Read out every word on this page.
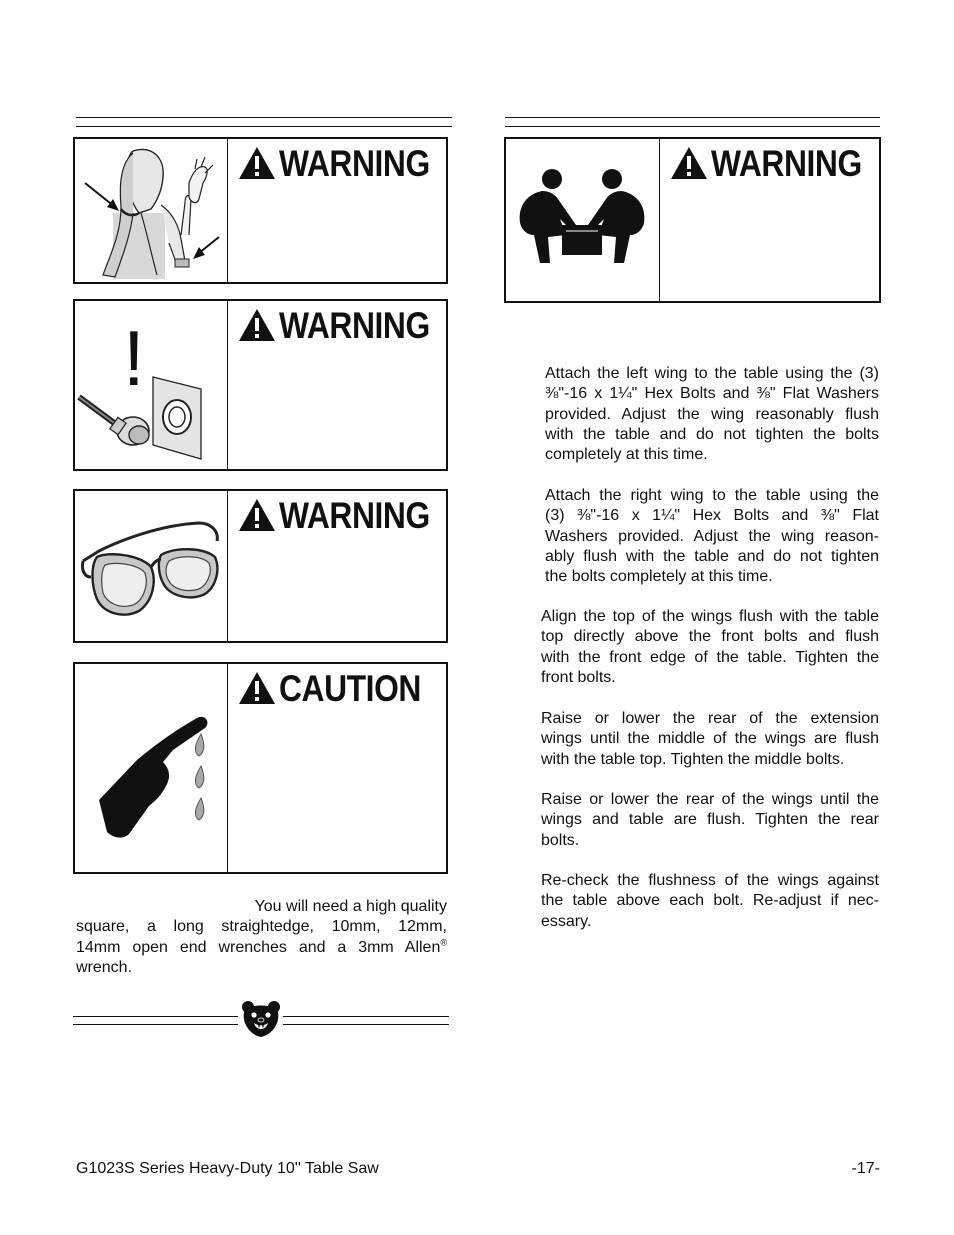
WARNING
!	WARNING
WARNING
CAUTION
You will need a high quality
square, a long straightedge, 10mm, 12mm,
14mm open end wrenches and a 3mm Allen®
wrench.
WARNING
Attach the left wing to the table using the (3)
⅜"-16 x 1¼" Hex Bolts and ⅜" Flat Washers
provided. Adjust the wing reasonably flush
with the table and do not tighten the bolts
completely at this time.
Attach the right wing to the table using the
(3) ⅜"-16 x 1¼" Hex Bolts and ⅜" Flat
Washers provided. Adjust the wing reason-
ably flush with the table and do not tighten
the bolts completely at this time.
Align the top of the wings flush with the table
top directly above the front bolts and flush
with the front edge of the table. Tighten the
front bolts.
Raise or lower the rear of the extension
wings until the middle of the wings are flush
with the table top. Tighten the middle bolts.
Raise or lower the rear of the wings until the
wings and table are flush. Tighten the rear
bolts.
Re-check the flushness of the wings against
the table above each bolt. Re-adjust if nec-
essary.
G1023S Series Heavy-Duty 10'' Table Saw	-17-
